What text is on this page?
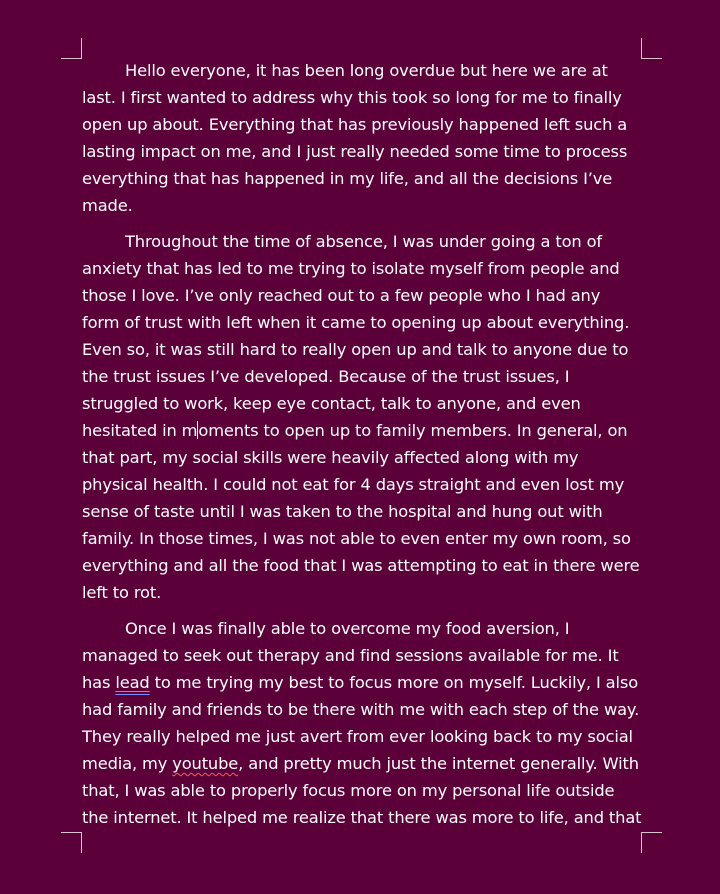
Hello everyone, it has been long overdue but here we are at
last. I first wanted to address why this took so long for me to finally
open up about. Everything that has previously happened left such a
lasting impact on me, and I just really needed some time to process
everything that has happened in my life, and all the decisions I’ve
made.
Throughout the time of absence, I was under going a ton of
anxiety that has led to me trying to isolate myself from people and
those I love. I’ve only reached out to a few people who I had any
form of trust with left when it came to opening up about everything.
Even so, it was still hard to really open up and talk to anyone due to
the trust issues I’ve developed. Because of the trust issues, I
struggled to work, keep eye contact, talk to anyone, and even
hesitated in moments to open up to family members. In general, on
that part, my social skills were heavily affected along with my
physical health. I could not eat for 4 days straight and even lost my
sense of taste until I was taken to the hospital and hung out with
family. In those times, I was not able to even enter my own room, so
everything and all the food that I was attempting to eat in there were
left to rot.
Once I was finally able to overcome my food aversion, I
managed to seek out therapy and find sessions available for me. It
has lead to me trying my best to focus more on myself. Luckily, I also
had family and friends to be there with me with each step of the way.
They really helped me just avert from ever looking back to my social
media, my youtube, and pretty much just the internet generally. With
that, I was able to properly focus more on my personal life outside
the internet. It helped me realize that there was more to life, and that
